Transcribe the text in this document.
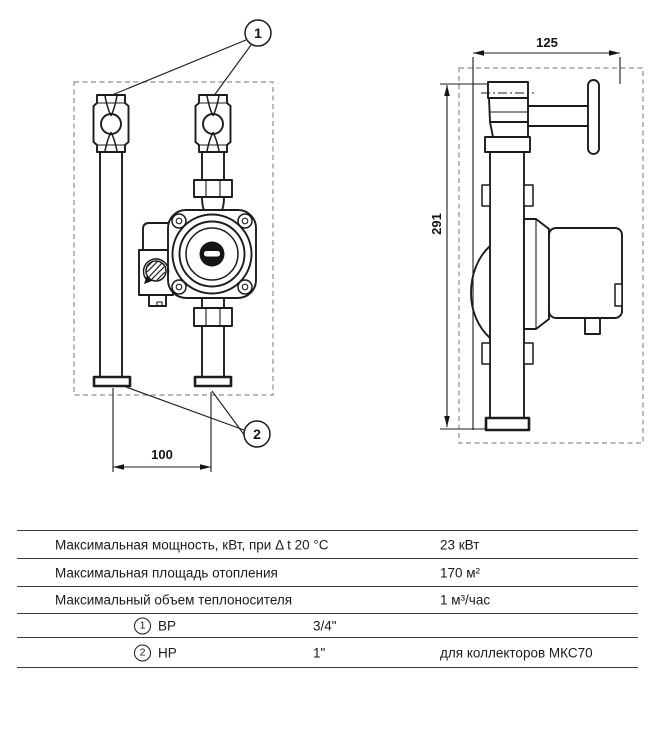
1
2
100
125
291
Максимальная мощность, кВт, при Δ t 20 °C	23 кВт
Максимальная площадь отопления	170 м²
Максимальный объем теплоносителя	1 м³/час
1 ВР	3/4"
2 НР	1"	для коллекторов МКС70
